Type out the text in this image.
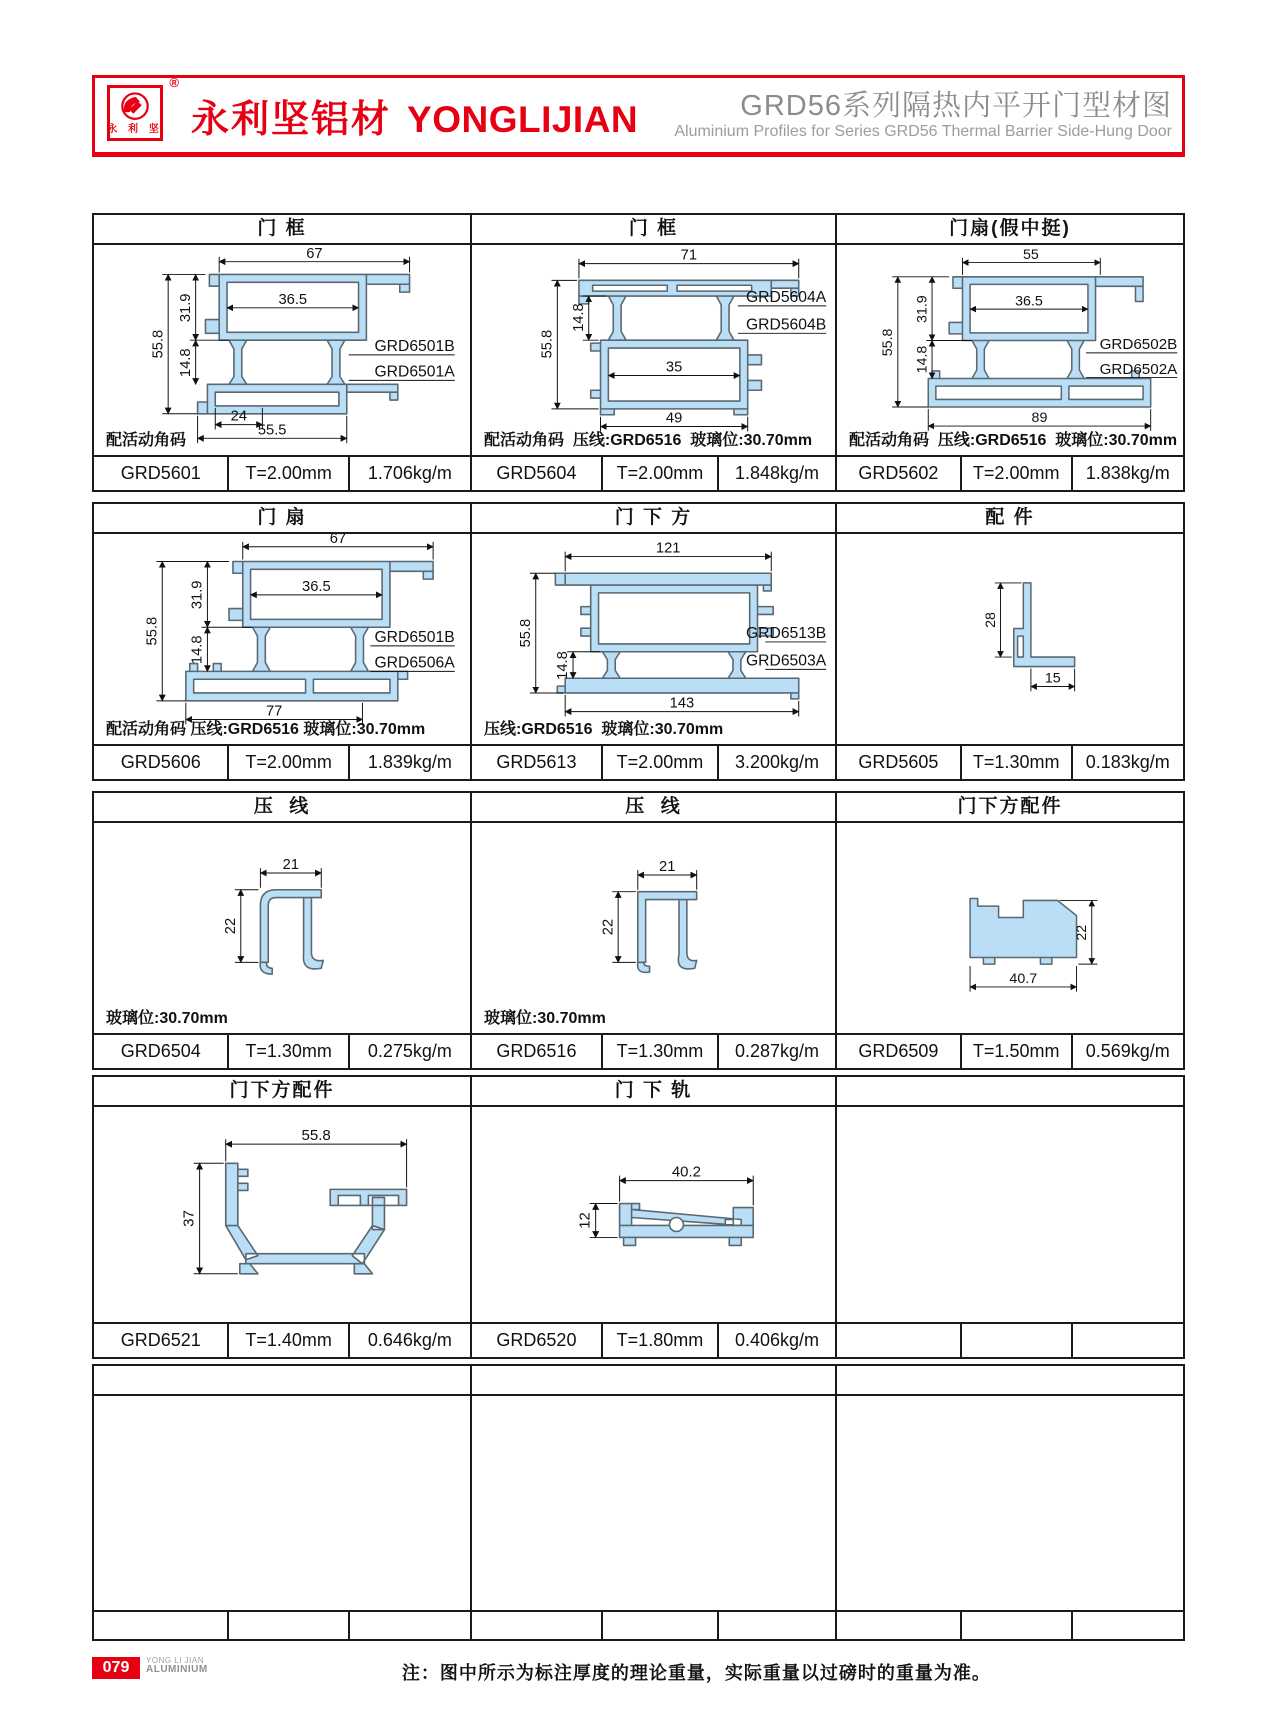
永 利 坚
®
永利坚铝材 YONGLIJIAN	GRD56系列隔热内平开门型材图
Aluminium Profiles for Series GRD56 Thermal Barrier Side-Hung Door
门 框	门 框	门扇(假中挺)
67
36.5
55.8
31.9
14.8
24
55.5
GRD6501B
GRD6501A
配活动角码
71
55.8
14.8
35
49
GRD5604A
GRD5604B
配活动角码  压线:GRD6516  玻璃位:30.70mm
55
36.5
55.8
31.9
14.8
89
GRD6502B
GRD6502A
配活动角码  压线:GRD6516  玻璃位:30.70mm
GRD5601	T=2.00mm	1.706kg/m	GRD5604	T=2.00mm	1.848kg/m	GRD5602	T=2.00mm	1.838kg/m
门 扇	门 下 方	配 件
67
36.5
55.8
31.9
14.8
77
GRD6501B
GRD6506A
配活动角码 压线:GRD6516 玻璃位:30.70mm
121
55.8
14.8
143
GRD6513B
GRD6503A
压线:GRD6516  玻璃位:30.70mm
28
15
GRD5606	T=2.00mm	1.839kg/m	GRD5613	T=2.00mm	3.200kg/m	GRD5605	T=1.30mm	0.183kg/m
压  线	压  线	门下方配件
21
22
玻璃位:30.70mm
21
22
玻璃位:30.70mm
22
40.7
GRD6504	T=1.30mm	0.275kg/m	GRD6516	T=1.30mm	0.287kg/m	GRD6509	T=1.50mm	0.569kg/m
门下方配件	门 下 轨
55.8
37
40.2
12
GRD6521	T=1.40mm	0.646kg/m	GRD6520	T=1.80mm	0.406kg/m
079	YONG LI JIAN
ALUMINIUM	注：图中所示为标注厚度的理论重量，实际重量以过磅时的重量为准。
